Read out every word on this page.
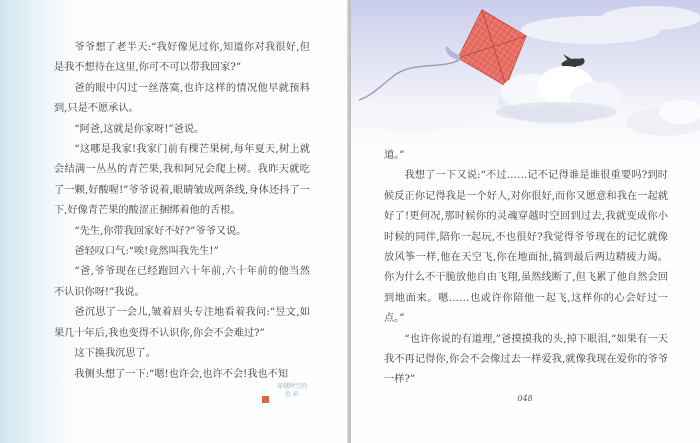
爷爷想了老半天:“我好像见过你,知道你对我很好,但是我不想待在这里,你可不可以带我回家?”

爸的眼中闪过一丝落寞,也许这样的情况他早就预料到,只是不愿承认。

“阿爸,这就是你家呀!”爸说。

“这哪是我家!我家门前有棵芒果树,每年夏天,树上就会结满一丛丛的青芒果,我和阿兄会爬上树。我昨天就吃了一颗,好酸喔!”爷爷说着,眼睛皱成两条线,身体还抖了一下,好像青芒果的酸涩正捆绑着他的舌根。

“先生,你带我回家好不好?”爷爷又说。

爸轻叹口气:“唉!竟然叫我先生!”

“爸,爷爷现在已经跑回六十年前,六十年前的他当然不认识你呀!”我说。

爸沉思了一会儿,皱着眉头专注地看着我问:“昱文,如果几十年后,我也变得不认识你,你会不会难过?”

这下换我沉思了。

我侧头想了一下:“嗯!也许会,也许不会!我也不知

穿越时空的
色 彩

道。”

我想了一下又说:“不过……记不记得谁是谁很重要吗?到时候反正你记得我是一个好人,对你很好,而你又愿意和我在一起就好了!更何况,那时候你的灵魂穿越时空回到过去,我就变成你小时候的同伴,陪你一起玩,不也很好?我觉得爷爷现在的记忆就像放风筝一样,他在天空飞,你在地面扯,搞到最后两边精疲力竭。你为什么不干脆放他自由飞翔,虽然线断了,但飞累了他自然会回到地面来。嗯……也或许你陪他一起飞,这样你的心会好过一点。”

“也许你说的有道理,”爸摸摸我的头,掉下眼泪,“如果有一天我不再记得你,你会不会像过去一样爱我,就像我现在爱你的爷爷一样?”

048
